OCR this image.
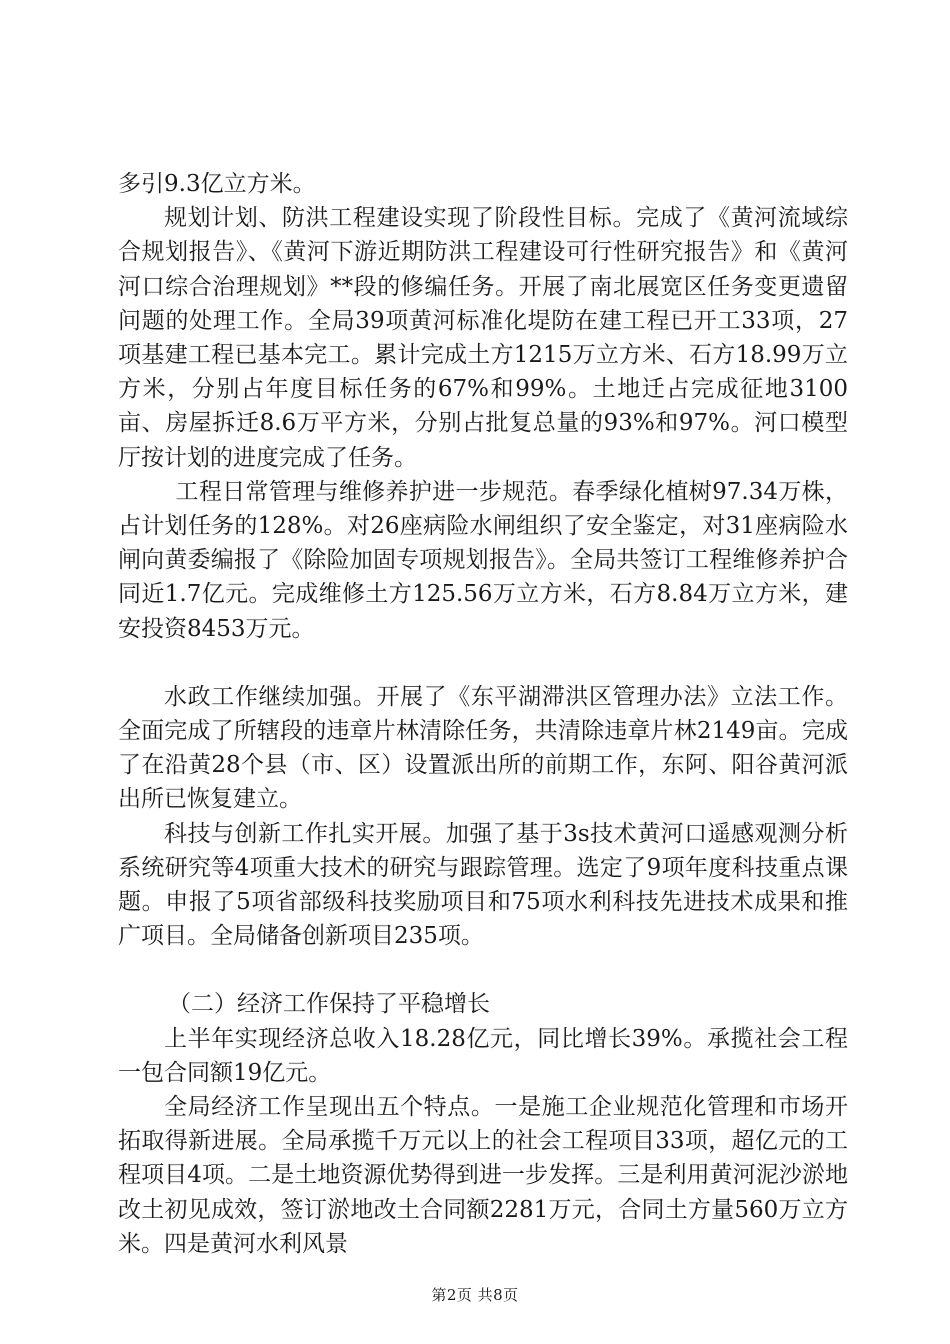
多引9.3亿立方米。

规划计划、防洪工程建设实现了阶段性目标。完成了《黄河流域综合规划报告》、《黄河下游近期防洪工程建设可行性研究报告》和《黄河河口综合治理规划》**段的修编任务。开展了南北展宽区任务变更遗留问题的处理工作。全局39项黄河标准化堤防在建工程已开工33项，27项基建工程已基本完工。累计完成土方1215万立方米、石方18.99万立方米，分别占年度目标任务的67%和99%。土地迁占完成征地3100亩、房屋拆迁8.6万平方米，分别占批复总量的93%和97%。河口模型厅按计划的进度完成了任务。

工程日常管理与维修养护进一步规范。春季绿化植树97.34万株，占计划任务的128%。对26座病险水闸组织了安全鉴定，对31座病险水闸向黄委编报了《除险加固专项规划报告》。全局共签订工程维修养护合同近1.7亿元。完成维修土方125.56万立方米，石方8.84万立方米，建安投资8453万元。

水政工作继续加强。开展了《东平湖滞洪区管理办法》立法工作。全面完成了所辖段的违章片林清除任务，共清除违章片林2149亩。完成了在沿黄28个县（市、区）设置派出所的前期工作，东阿、阳谷黄河派出所已恢复建立。

科技与创新工作扎实开展。加强了基于3s技术黄河口遥感观测分析系统研究等4项重大技术的研究与跟踪管理。选定了9项年度科技重点课题。申报了5项省部级科技奖励项目和75项水利科技先进技术成果和推广项目。全局储备创新项目235项。

（二）经济工作保持了平稳增长

上半年实现经济总收入18.28亿元，同比增长39%。承揽社会工程一包合同额19亿元。

全局经济工作呈现出五个特点。一是施工企业规范化管理和市场开拓取得新进展。全局承揽千万元以上的社会工程项目33项，超亿元的工程项目4项。二是土地资源优势得到进一步发挥。三是利用黄河泥沙淤地改土初见成效，签订淤地改土合同额2281万元，合同土方量560万立方米。四是黄河水利风景

第2页 共8页
